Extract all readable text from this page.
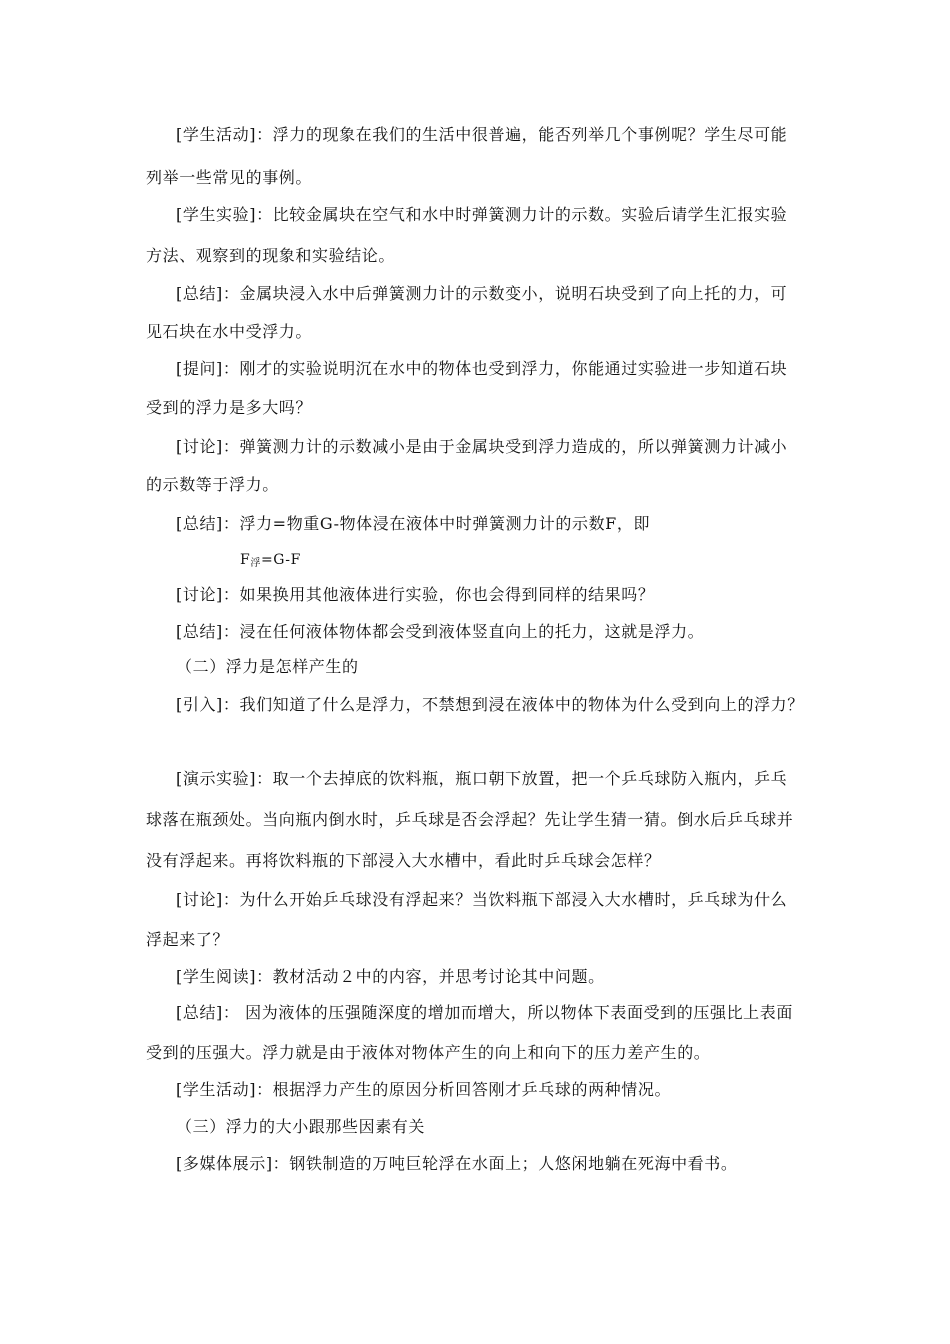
[学生活动]：浮力的现象在我们的生活中很普遍，能否列举几个事例呢？学生尽可能

列举一些常见的事例。

[学生实验]：比较金属块在空气和水中时弹簧测力计的示数。实验后请学生汇报实验

方法、观察到的现象和实验结论。

[总结]：金属块浸入水中后弹簧测力计的示数变小，说明石块受到了向上托的力，可

见石块在水中受浮力。

[提问]：刚才的实验说明沉在水中的物体也受到浮力，你能通过实验进一步知道石块

受到的浮力是多大吗？

[讨论]：弹簧测力计的示数减小是由于金属块受到浮力造成的，所以弹簧测力计减小

的示数等于浮力。

[总结]：浮力=物重G-物体浸在液体中时弹簧测力计的示数F，即

$F_浮=G-F$

[讨论]：如果换用其他液体进行实验，你也会得到同样的结果吗？

[总结]：浸在任何液体物体都会受到液体竖直向上的托力，这就是浮力。

（二）浮力是怎样产生的

[引入]：我们知道了什么是浮力，不禁想到浸在液体中的物体为什么受到向上的浮力？

[演示实验]：取一个去掉底的饮料瓶，瓶口朝下放置，把一个乒乓球防入瓶内，乒乓

球落在瓶颈处。当向瓶内倒水时，乒乓球是否会浮起？先让学生猜一猜。倒水后乒乓球并

没有浮起来。再将饮料瓶的下部浸入大水槽中，看此时乒乓球会怎样？

[讨论]：为什么开始乒乓球没有浮起来？当饮料瓶下部浸入大水槽时，乒乓球为什么

浮起来了？

[学生阅读]：教材活动２中的内容，并思考讨论其中问题。

[总结]： 因为液体的压强随深度的增加而增大，所以物体下表面受到的压强比上表面

受到的压强大。浮力就是由于液体对物体产生的向上和向下的压力差产生的。

[学生活动]：根据浮力产生的原因分析回答刚才乒乓球的两种情况。

（三）浮力的大小跟那些因素有关

[多媒体展示]：钢铁制造的万吨巨轮浮在水面上；人悠闲地躺在死海中看书。
